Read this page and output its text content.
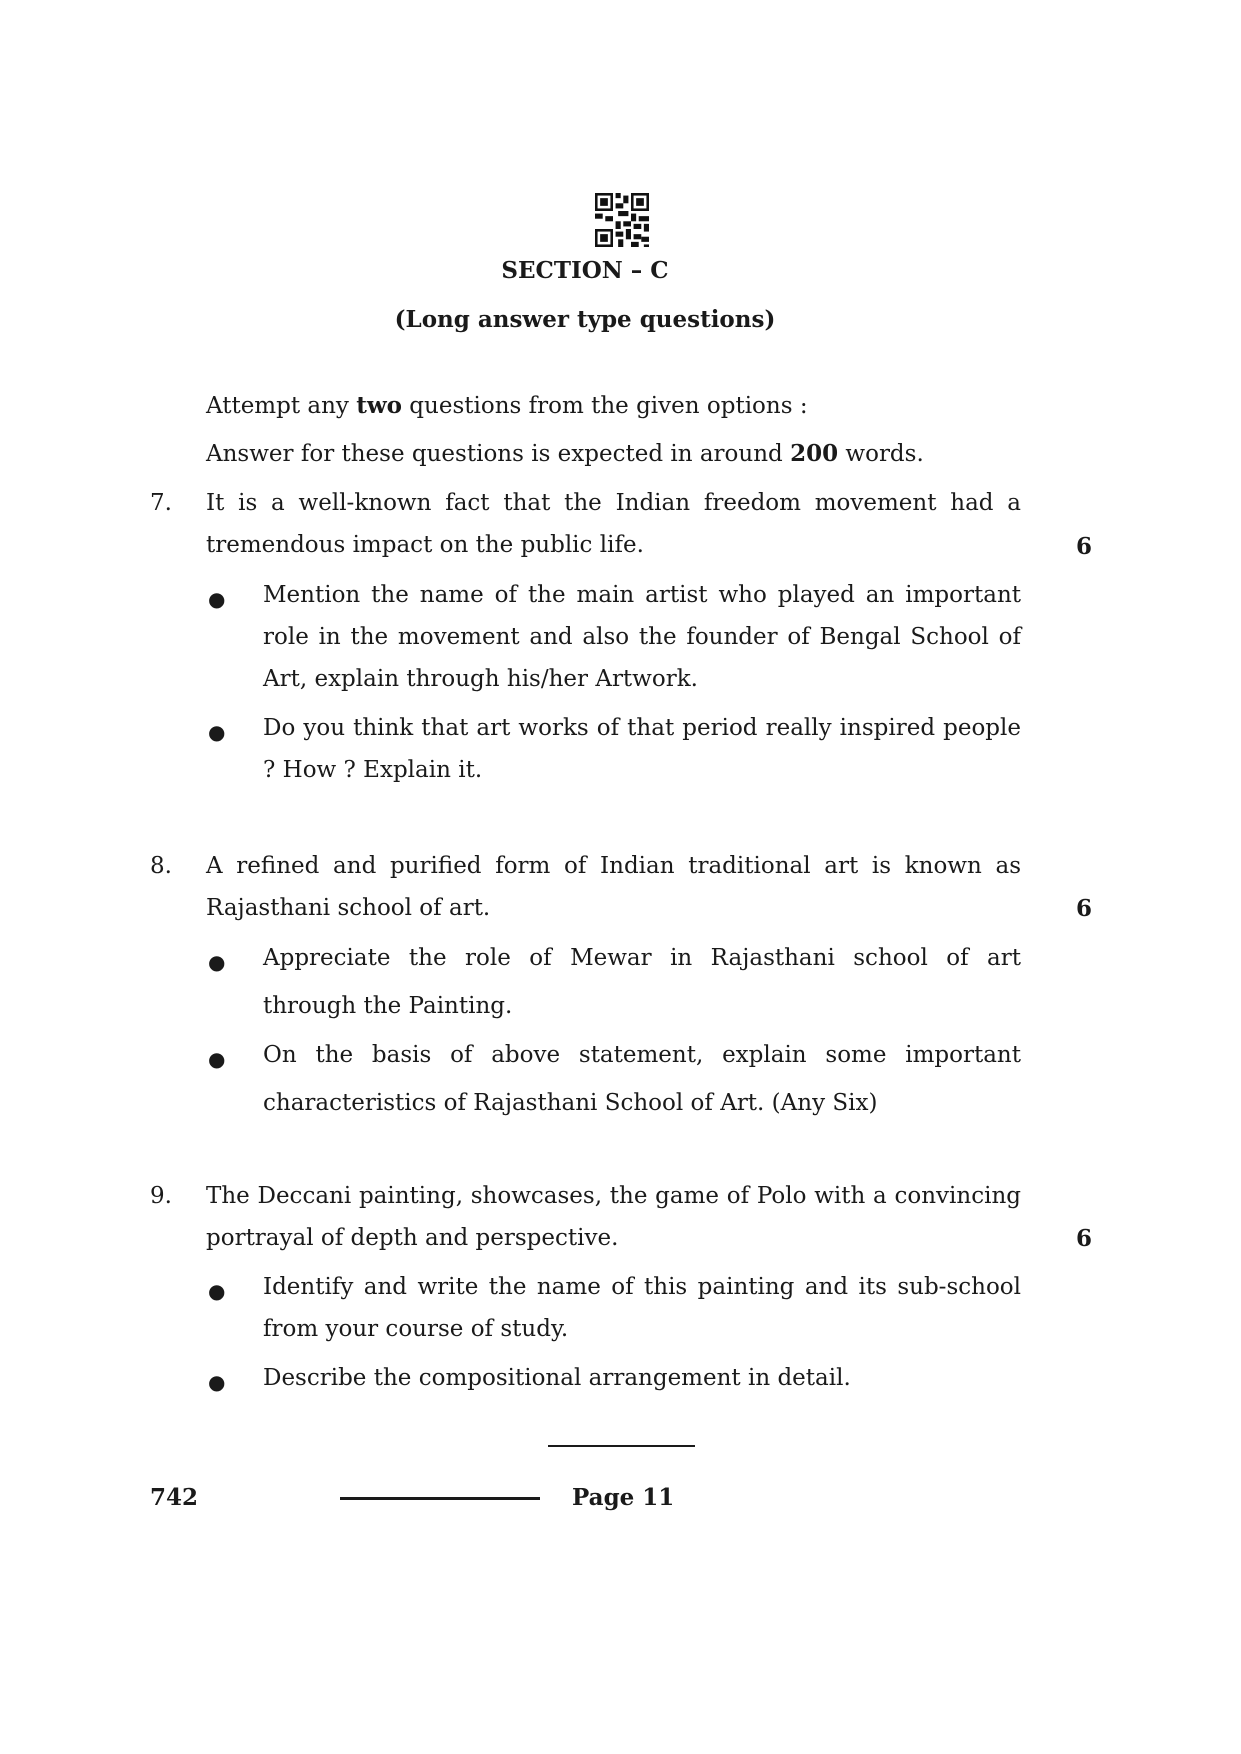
SECTION – C
(Long answer type questions)
Attempt any two questions from the given options :
Answer for these questions is expected in around 200 words.
7. It is a well-known fact that the Indian freedom movement had a
tremendous impact on the public life.	6
● Mention the name of the main artist who played an important role in the movement and also the founder of Bengal School of Art, explain through his/her Artwork.
● Do you think that art works of that period really inspired people ? How ? Explain it.
8. A refined and purified form of Indian traditional art is known as
Rajasthani school of art.	6
● Appreciate the role of Mewar in Rajasthani school of art through the Painting.
● On the basis of above statement, explain some important characteristics of Rajasthani School of Art. (Any Six)
9. The Deccani painting, showcases, the game of Polo with a convincing
portrayal of depth and perspective.	6
● Identify and write the name of this painting and its sub-school from your course of study.
● Describe the compositional arrangement in detail.
742	Page 11
